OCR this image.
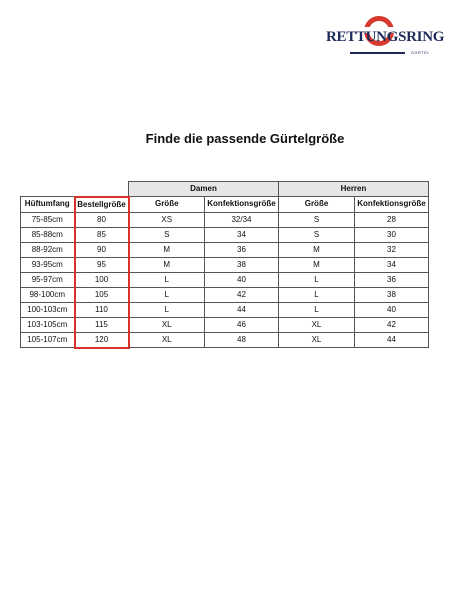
RETTUNGSRING
GÜRTEL
Finde die passende Gürtelgröße
		Damen		Herren	
Hüftumfang	Bestellgröße	Größe	Konfektionsgröße	Größe	Konfektionsgröße
75-85cm	80	XS	32/34	S	28
85-88cm	85	S	34	S	30
88-92cm	90	M	36	M	32
93-95cm	95	M	38	M	34
95-97cm	100	L	40	L	36
98-100cm	105	L	42	L	38
100-103cm	110	L	44	L	40
103-105cm	115	XL	46	XL	42
105-107cm	120	XL	48	XL	44
